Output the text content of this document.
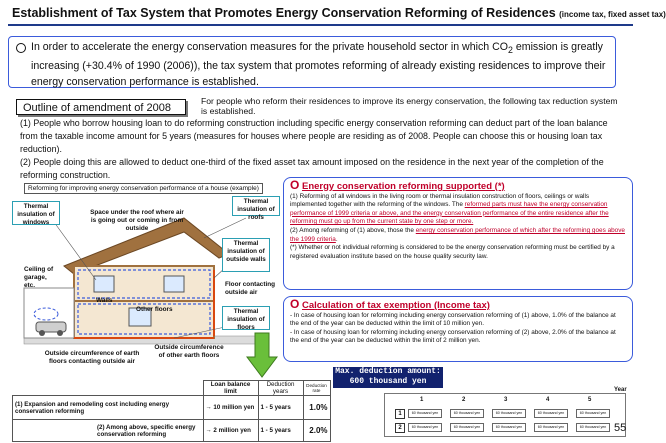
Establishment of Tax System that Promotes Energy Conservation Reforming of Residences (income tax, fixed asset tax)
In order to accelerate the energy conservation measures for the private household sector in which $CO_2$ emission is greatly increasing (+30.4% of 1990 (2006)), the tax system that promotes reforming of already existing residences to improve their energy conservation performance is established.
Outline of amendment of 2008
For people who reform their residences to improve its energy conservation, the following tax reduction system is established.
(1) People who borrow housing loan to do reforming construction including specific energy conservation reforming can deduct part of the loan balance from the taxable income amount for 5 years (measures for houses where people are residing as of 2008. People can choose this or housing loan tax reduction).
(2) People doing this are allowed to deduct one-third of the fixed asset tax amount imposed on the residence in the next year of the completion of the reforming construction.
Reforming for improving energy conservation performance of a house (example)
Thermal insulation of windows
Space under the roof where air is going out or coming in from outside
Thermal insulation of roofs
Thermal insulation of outside walls
Ceiling of garage, etc.	Floor contacting outside air
Walls
Other floors	Thermal insulation of floors
Outside circumference of earth floors contacting outside air
Outside circumference of other earth floors
O Energy conservation reforming supported (*)
(1) Reforming of all windows in the living room or thermal insulation construction of floors, ceilings or walls implemented together with the reforming of the windows. The reformed parts must have the energy conservation performance of 1999 criteria or above, and the energy conservation performance of the entire residence after the reforming must go up from the current state by one step or more.
(2) Among reforming of (1) above, those the energy conservation performance of which after the reforming goes above the 1999 criteria.
(*) Whether or not individual reforming is considered to be the energy conservation reforming must be certified by a registered evaluation institute based on the house quality security law.
O Calculation of tax exemption (Income tax)
- In case of housing loan for reforming including energy conservation reforming of (1) above, 1.0% of the balance at the end of the year can be deducted within the limit of 10 million yen.
- In case of housing loan for reforming including energy conservation reforming of (2) above, 2.0% of the balance at the end of the year can be deducted within the limit of 2 million yen.
Max. deduction amount:
600 thousand yen
	Loan balance limit	Deduction years	Deduction rate
(1) Expansion and remodeling cost including energy conservation reforming	→ 10 million yen	1 - 5 years	1.0%
(2) Among above, specific energy conservation reforming	→ 2 million yen	1 - 5 years	2.0%
Year
1	2	3	4	5
1
2
60 thousand yen	60 thousand yen	60 thousand yen	60 thousand yen	60 thousand yen
60 thousand yen	60 thousand yen	60 thousand yen	60 thousand yen	60 thousand yen 55
